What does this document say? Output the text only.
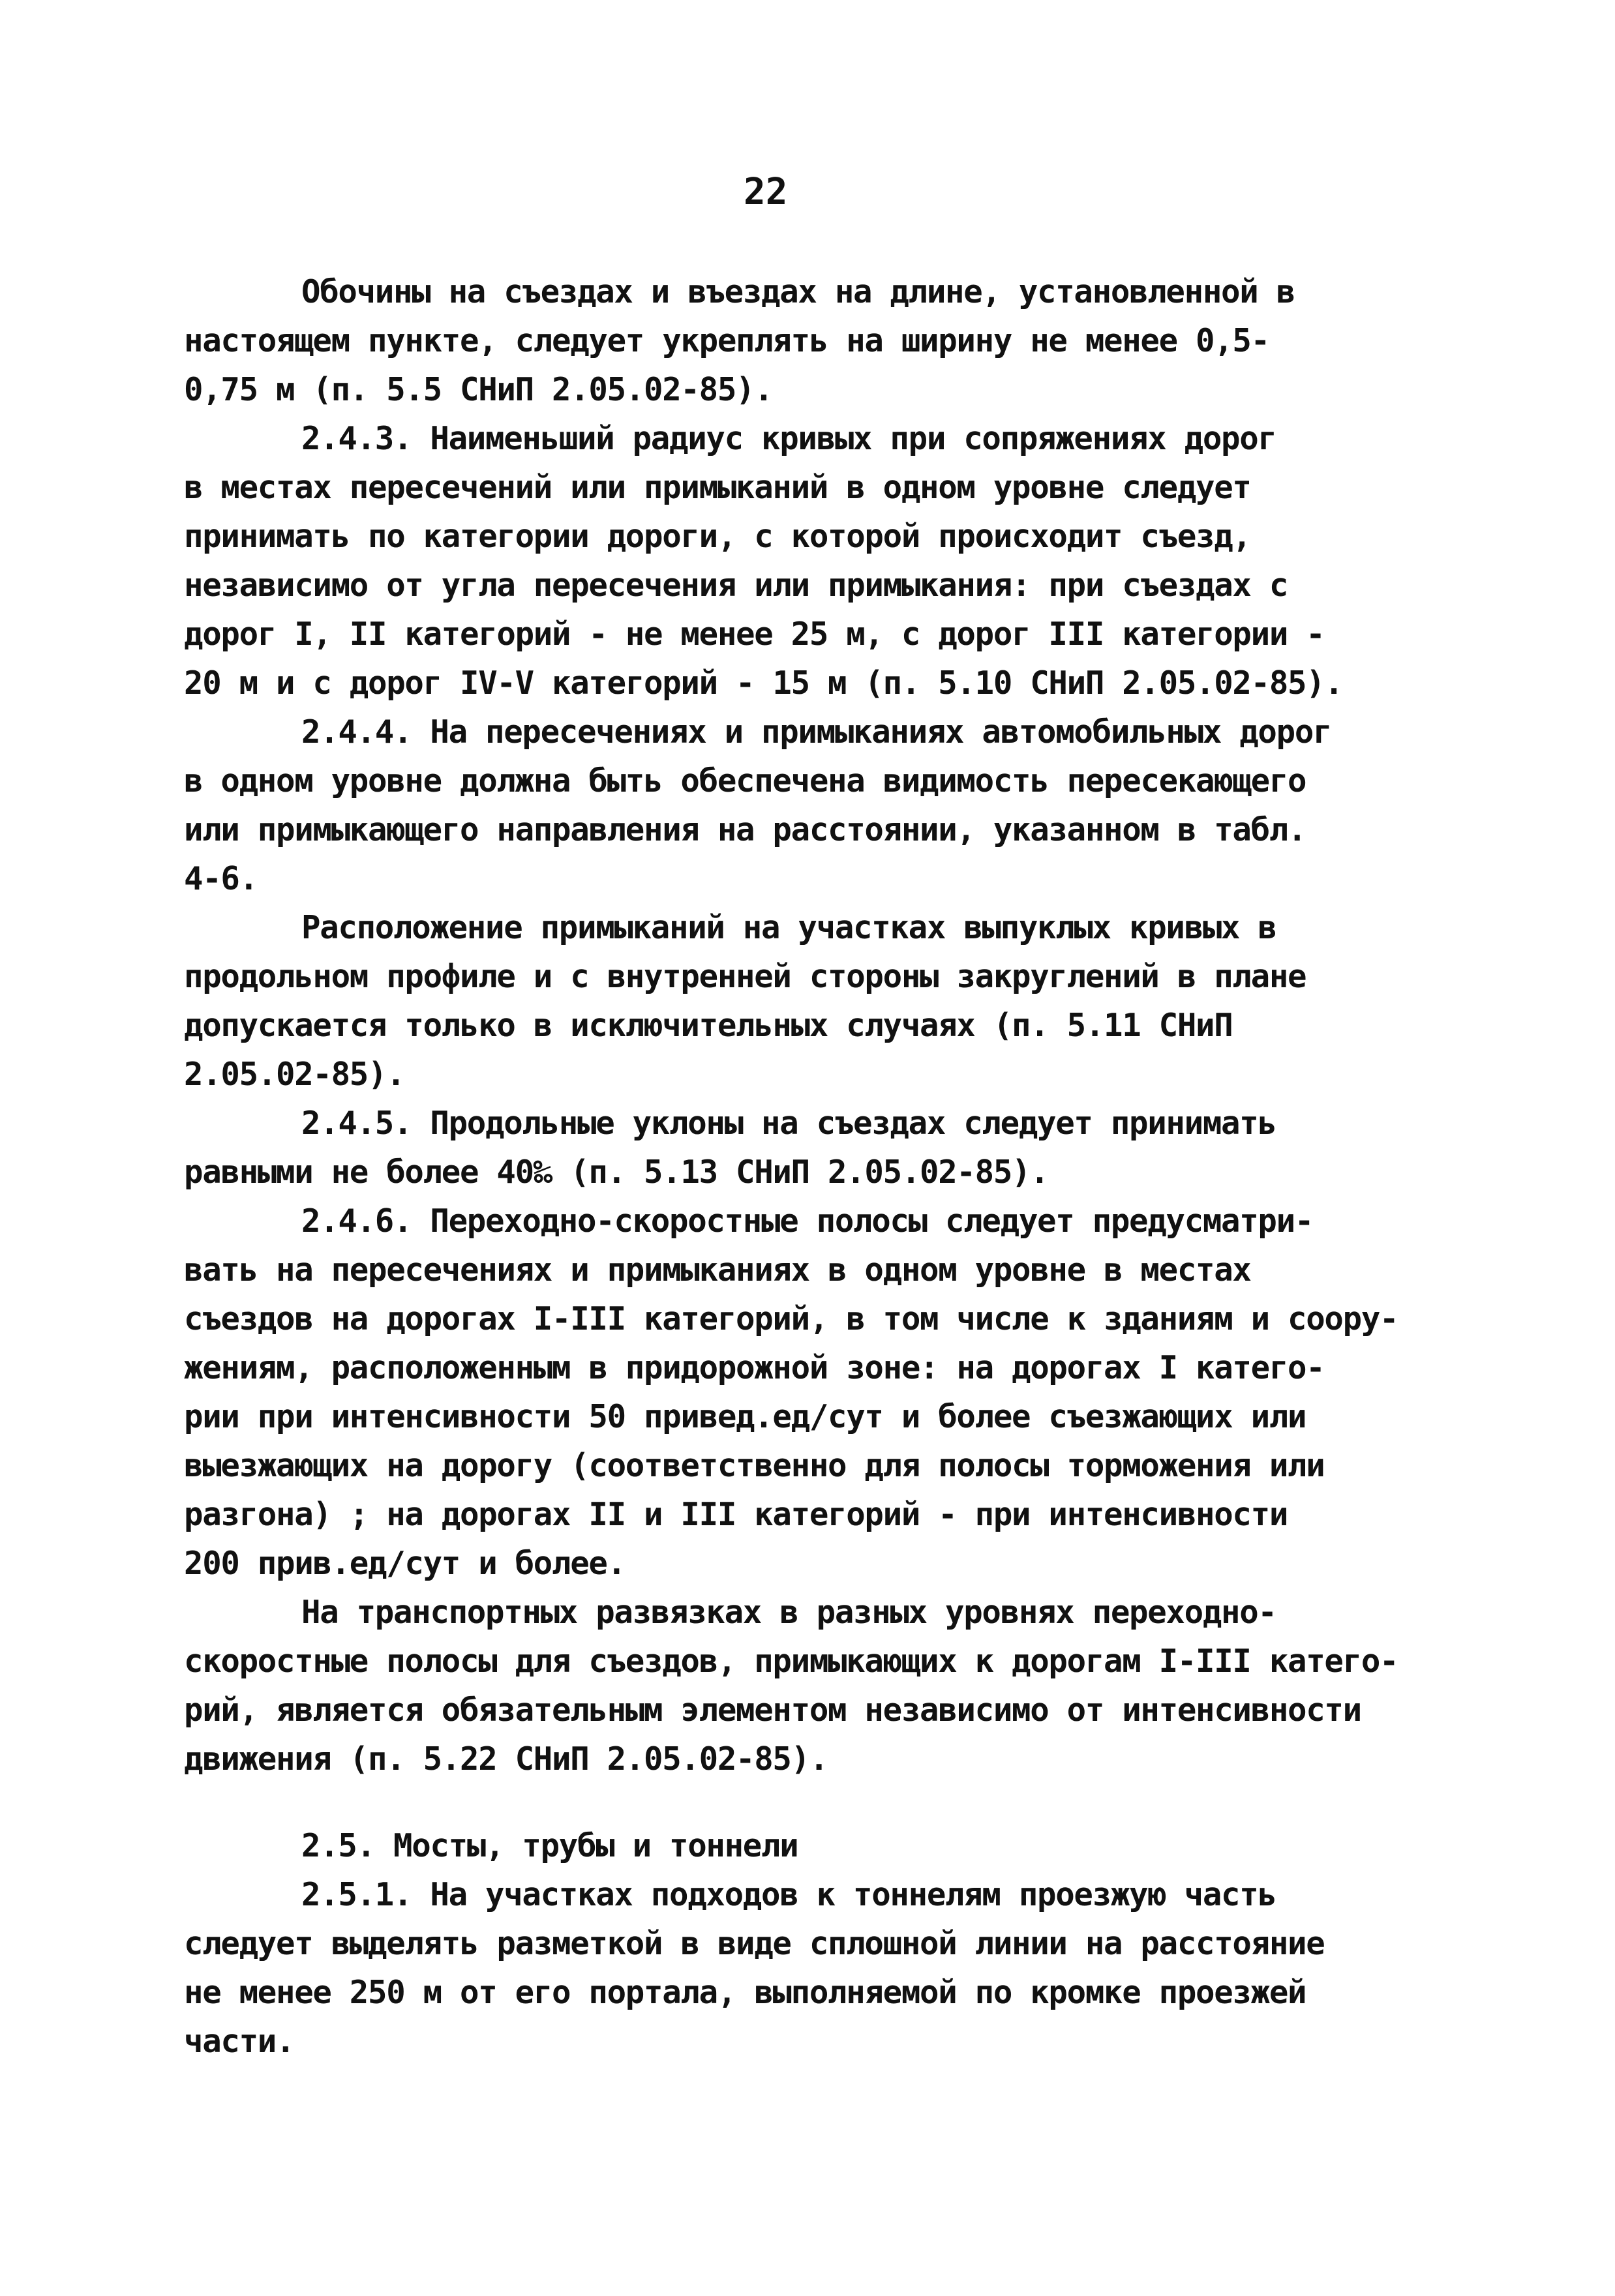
22
Обочины на съездах и въездах на длине, установленной в
настоящем пункте, следует укреплять на ширину не менее 0,5-
0,75 м (п. 5.5 СНиП 2.05.02-85).
2.4.3. Наименьший радиус кривых при сопряжениях дорог
в местах пересечений или примыканий в одном уровне следует
принимать по категории дороги, с которой происходит съезд,
независимо от угла пересечения или примыкания: при съездах с
дорог I, II категорий - не менее 25 м, с дорог III категории -
20 м и с дорог IV-V категорий - 15 м (п. 5.10 СНиП 2.05.02-85).
2.4.4. На пересечениях и примыканиях автомобильных дорог
в одном уровне должна быть обеспечена видимость пересекающего
или примыкающего направления на расстоянии, указанном в табл.
4-6.
Расположение примыканий на участках выпуклых кривых в
продольном профиле и с внутренней стороны закруглений в плане
допускается только в исключительных случаях (п. 5.11 СНиП
2.05.02-85).
2.4.5. Продольные уклоны на съездах следует принимать
равными не более 40‰ (п. 5.13 СНиП 2.05.02-85).
2.4.6. Переходно-скоростные полосы следует предусматри-
вать на пересечениях и примыканиях в одном уровне в местах
съездов на дорогах I-III категорий, в том числе к зданиям и соору-
жениям, расположенным в придорожной зоне: на дорогах I катего-
рии при интенсивности 50 привед.ед/сут и более съезжающих или
выезжающих на дорогу (соответственно для полосы торможения или
разгона) ; на дорогах II и III категорий - при интенсивности
200 прив.ед/сут и более.
На транспортных развязках в разных уровнях переходно-
скоростные полосы для съездов, примыкающих к дорогам I-III катего-
рий, является обязательным элементом независимо от интенсивности
движения (п. 5.22 СНиП 2.05.02-85).
2.5. Мосты, трубы и тоннели
2.5.1. На участках подходов к тоннелям проезжую часть
следует выделять разметкой в виде сплошной линии на расстояние
не менее 250 м от его портала, выполняемой по кромке проезжей
части.
